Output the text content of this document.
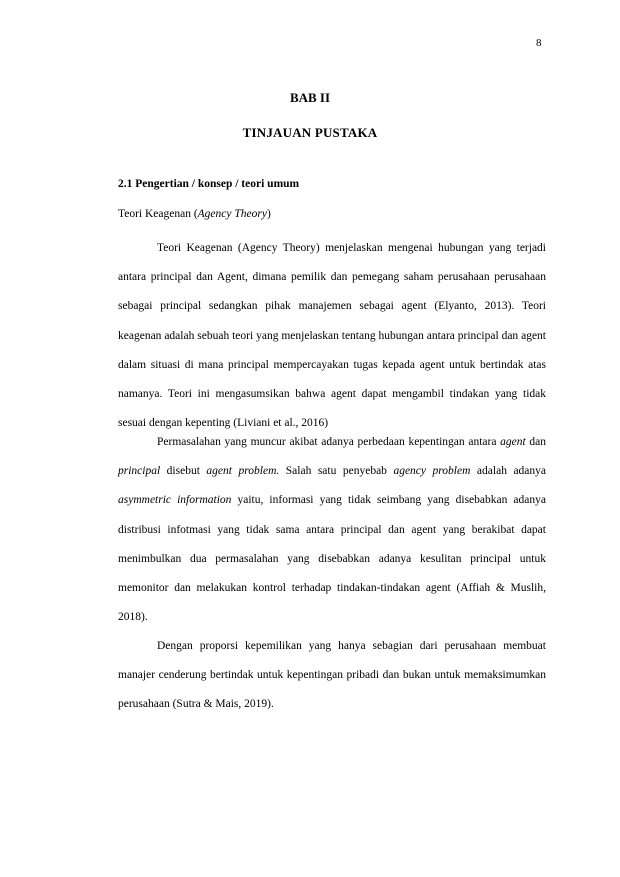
8
BAB II
TINJAUAN PUSTAKA
2.1 Pengertian / konsep / teori umum
Teori Keagenan (Agency Theory)

Teori Keagenan (Agency Theory) menjelaskan mengenai hubungan yang terjadi antara principal dan Agent, dimana pemilik dan pemegang saham perusahaan perusahaan sebagai principal sedangkan pihak manajemen sebagai agent (Elyanto, 2013). Teori keagenan adalah sebuah teori yang menjelaskan tentang hubungan antara principal dan agent dalam situasi di mana principal mempercayakan tugas kepada agent untuk bertindak atas namanya. Teori ini mengasumsikan bahwa agent dapat mengambil tindakan yang tidak sesuai dengan kepenting (Liviani et al., 2016)

Permasalahan yang muncur akibat adanya perbedaan kepentingan antara agent dan principal disebut agent problem. Salah satu penyebab agency problem adalah adanya asymmetric information yaitu, informasi yang tidak seimbang yang disebabkan adanya distribusi infotmasi yang tidak sama antara principal dan agent yang berakibat dapat menimbulkan dua permasalahan yang disebabkan adanya kesulitan principal untuk memonitor dan melakukan kontrol terhadap tindakan-tindakan agent (Affiah & Muslih, 2018).

Dengan proporsi kepemilikan yang hanya sebagian dari perusahaan membuat manajer cenderung bertindak untuk kepentingan pribadi dan bukan untuk memaksimumkan perusahaan (Sutra & Mais, 2019).
